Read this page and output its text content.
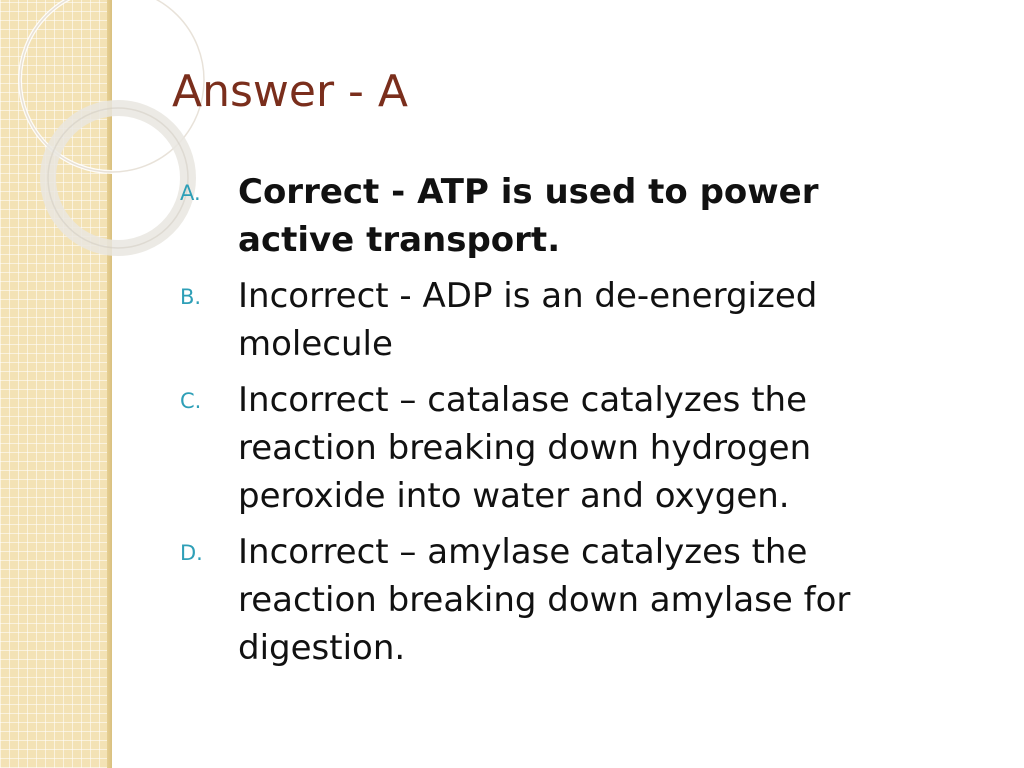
Answer - A
A.	Correct - ATP is used to power active transport.
B.	Incorrect - ADP is an de-energized molecule
C.	Incorrect – catalase catalyzes the reaction breaking down hydrogen peroxide into water and oxygen.
D.	Incorrect – amylase catalyzes the reaction breaking down amylase for digestion.
